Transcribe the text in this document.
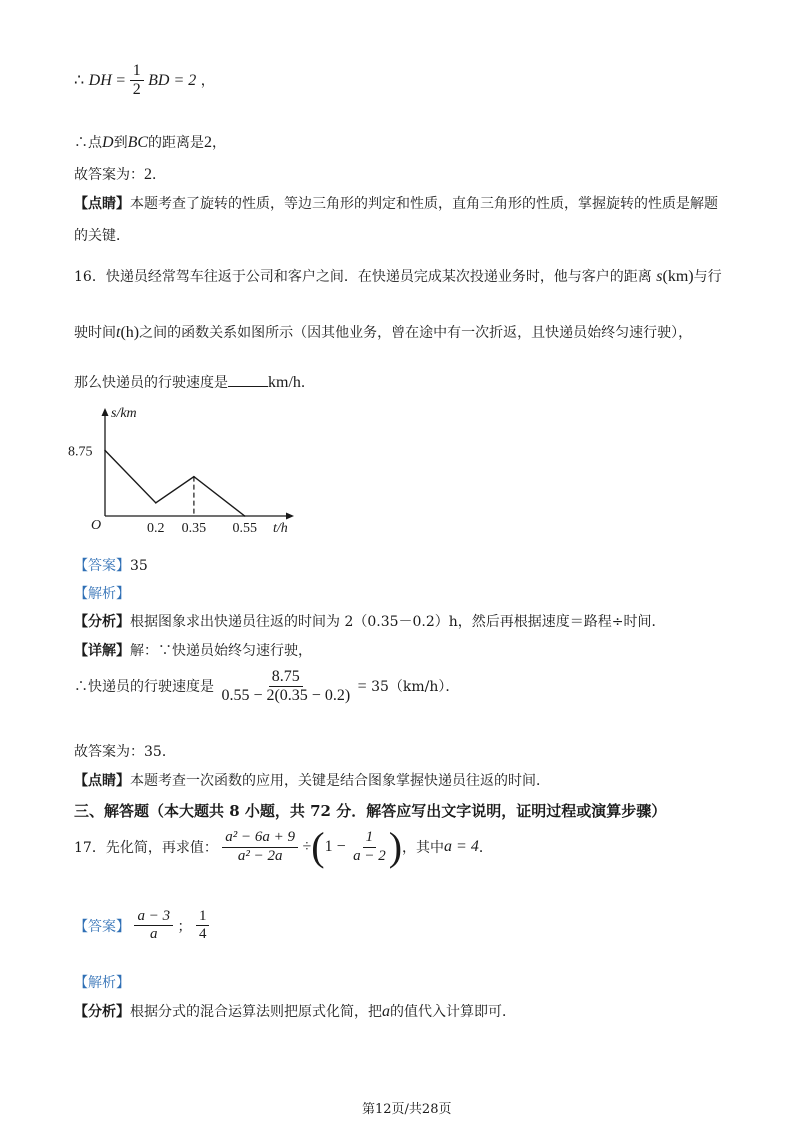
∴ DH = $\frac{1}{2}$ BD = 2 ，
∴点D到BC的距离是2，
故答案为：2．
【点睛】本题考查了旋转的性质，等边三角形的判定和性质，直角三角形的性质，掌握旋转的性质是解题
的关键．
16．快递员经常驾车往返于公司和客户之间．在快递员完成某次投递业务时，他与客户的距离 s(km)与行
驶时间t(h)之间的函数关系如图所示（因其他业务，曾在途中有一次折返，且快递员始终匀速行驶），
那么快递员的行驶速度是	km/h．
s/km
t/h
O
8.75
0.2 0.35 0.55
【答案】35
【解析】
【分析】根据图象求出快递员往返的时间为 2（0.35－0.2）h，然后再根据速度＝路程÷时间．
【详解】解：∵快递员始终匀速行驶，
∴快递员的行驶速度是 $\frac{8.75}{0.55 - 2(0.35 - 0.2)} = 35(km/h)$．
故答案为：35．
【点睛】本题考查一次函数的应用，关键是结合图象掌握快递员往返的时间．
三、解答题（本大题共 8 小题，共 72 分．解答应写出文字说明，证明过程或演算步骤）
17．先化简，再求值： $\frac{\text{a² − 6a + 9}}{\text{a² − 2a}} \div(1 - \frac{1}{a - 2}$ )，其中a = 4．
【答案】 $\frac{a - 3}{a}$ ； $\frac{1}{4}$
【解析】
【分析】根据分式的混合运算法则把原式化简，把a的值代入计算即可．
第12页/共28页
